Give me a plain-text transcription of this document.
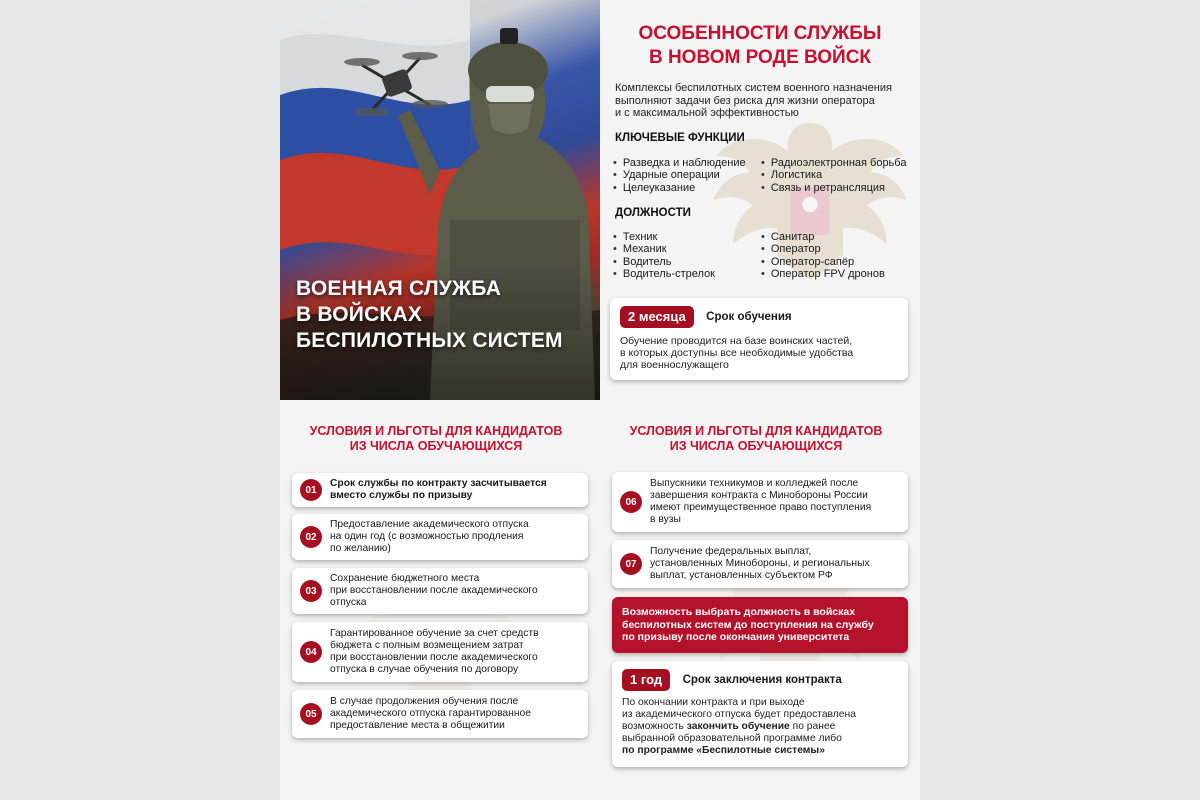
ВОЕННАЯ СЛУЖБА
В ВОЙСКАХ
БЕСПИЛОТНЫХ СИСТЕМ
ОСОБЕННОСТИ СЛУЖБЫ
В НОВОМ РОДЕ ВОЙСК
Комплексы беспилотных систем военного назначения
выполняют задачи без риска для жизни оператора
и с максимальной эффективностью
КЛЮЧЕВЫЕ ФУНКЦИИ
• Разведка и наблюдение
• Ударные операции
• Целеуказание
• Радиоэлектронная борьба
• Логистика
• Связь и ретрансляция
ДОЛЖНОСТИ
• Техник
• Механик
• Водитель
• Водитель-стрелок
• Санитар
• Оператор
• Оператор-сапёр
• Оператор FPV дронов
2 месяца Срок обучения
Обучение проводится на базе воинских частей,
в которых доступны все необходимые удобства
для военнослужащего
УСЛОВИЯ И ЛЬГОТЫ ДЛЯ КАНДИДАТОВ
ИЗ ЧИСЛА ОБУЧАЮЩИХСЯ
01
Срок службы по контракту засчитывается
вместо службы по призыву
02
Предоставление академического отпуска
на один год (с возможностью продления
по желанию)
03
Сохранение бюджетного места
при восстановлении после академического
отпуска
04
Гарантированное обучение за счет средств
бюджета с полным возмещением затрат
при восстановлении после академического
отпуска в случае обучения по договору
05
В случае продолжения обучения после
академического отпуска гарантированное
предоставление места в общежитии
УСЛОВИЯ И ЛЬГОТЫ ДЛЯ КАНДИДАТОВ
ИЗ ЧИСЛА ОБУЧАЮЩИХСЯ
06
Выпускники техникумов и колледжей после
завершения контракта с Минобороны России
имеют преимущественное право поступления
в вузы
07
Получение федеральных выплат,
установленных Минобороны, и региональных
выплат, установленных субъектом РФ
Возможность выбрать должность в войсках
беспилотных систем до поступления на службу
по призыву после окончания университета
1 год Срок заключения контракта
По окончании контракта и при выходе
из академического отпуска будет предоставлена
возможность закончить обучение по ранее
выбранной образовательной программе либо
по программе «Беспилотные системы»
